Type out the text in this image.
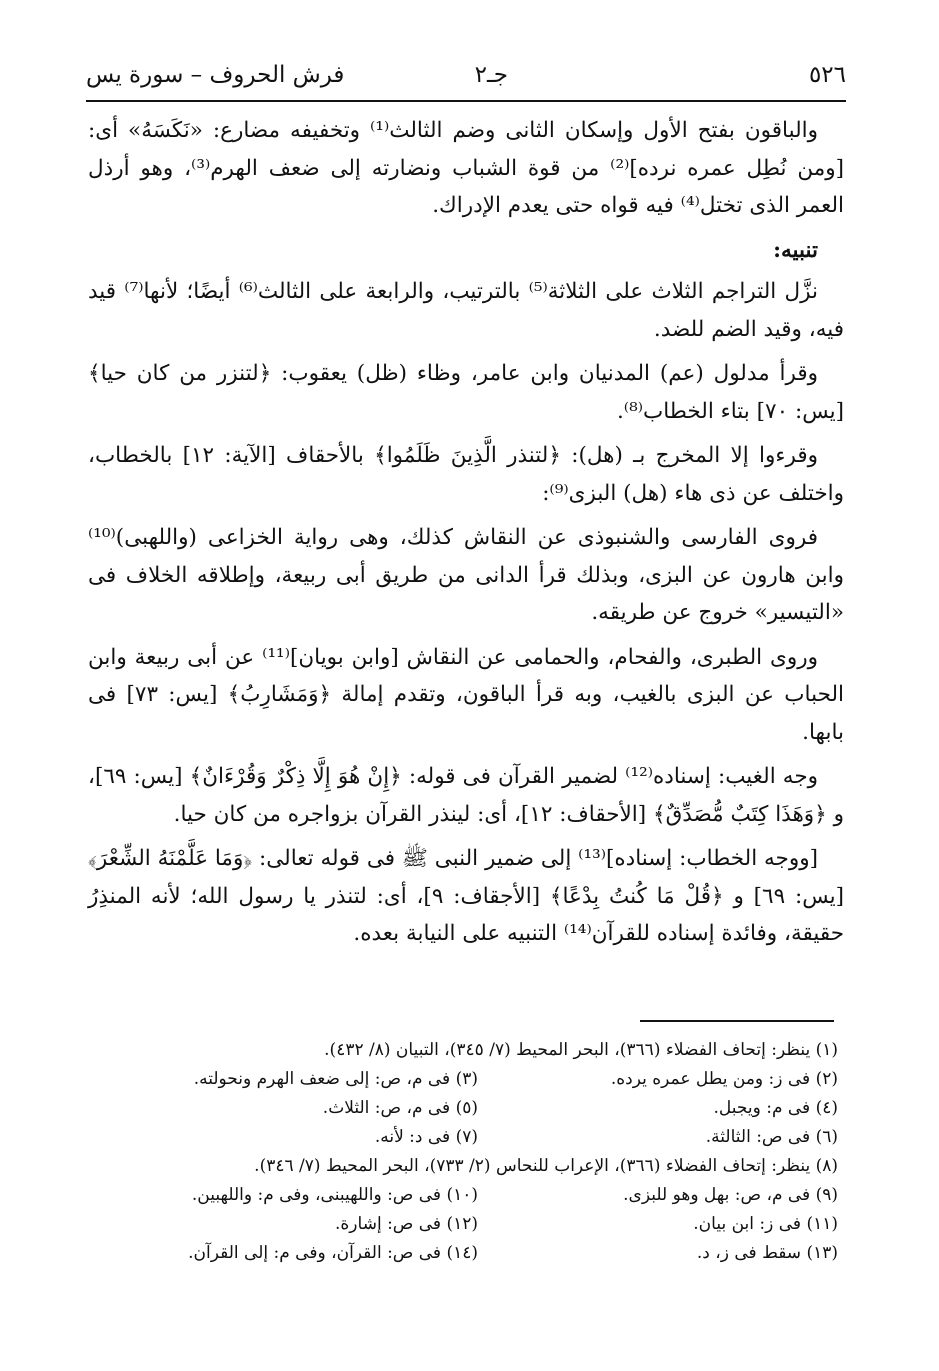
٥٢٦
جـ٢
فرش الحروف – سورة يس

والباقون بفتح الأول وإسكان الثانى وضم الثالث⁽¹⁾ وتخفيفه مضارع: «نَكَسَهُ» أى: [ومن نُطِل عمره نرده]⁽²⁾ من قوة الشباب ونضارته إلى ضعف الهرم⁽³⁾، وهو أرذل العمر الذى تختل⁽⁴⁾ فيه قواه حتى يعدم الإدراك.

تنبيه:

نزَّل التراجم الثلاث على الثلاثة⁽⁵⁾ بالترتيب، والرابعة على الثالث⁽⁶⁾ أيضًا؛ لأنها⁽⁷⁾ قيد فيه، وقيد الضم للضد.

وقرأ مدلول (عم) المدنيان وابن عامر، وظاء (ظل) يعقوب: ﴿لتنزر من كان حيا﴾ [يس: ٧٠] بتاء الخطاب⁽⁸⁾.

وقرءوا إلا المخرج بـ (هل): ﴿لتنذر الَّذِينَ ظَلَمُوا﴾ بالأحقاف [الآية: ١٢] بالخطاب، واختلف عن ذى هاء (هل) البزى⁽⁹⁾:

فروى الفارسى والشنبوذى عن النقاش كذلك، وهى رواية الخزاعى (واللهبى)⁽¹⁰⁾ وابن هارون عن البزى، وبذلك قرأ الدانى من طريق أبى ربيعة، وإطلاقه الخلاف فى «التيسير» خروج عن طريقه.

وروى الطبرى، والفحام، والحمامى عن النقاش [وابن بويان]⁽¹¹⁾ عن أبى ربيعة وابن الحباب عن البزى بالغيب، وبه قرأ الباقون، وتقدم إمالة ﴿وَمَشَارِبُ﴾ [يس: ٧٣] فى بابها.

وجه الغيب: إسناده⁽¹²⁾ لضمير القرآن فى قوله: ﴿إِنْ هُوَ إِلَّا ذِكْرٌ وَقُرْءَانٌ﴾ [يس: ٦٩]، و ﴿وَهَذَا كِتَبٌ مُّصَدِّقٌ﴾ [الأحقاف: ١٢]، أى: لينذر القرآن بزواجره من كان حيا.

[ووجه الخطاب: إسناده]⁽¹³⁾ إلى ضمير النبى ﷺ فى قوله تعالى: ﴿وَمَا عَلَّمْنَهُ الشِّعْرَ﴾ [يس: ٦٩] و ﴿قُلْ مَا كُنتُ بِدْعًا﴾ [الأجقاف: ٩]، أى: لتنذر يا رسول الله؛ لأنه المنذِرُ حقيقة، وفائدة إسناده للقرآن⁽¹⁴⁾ التنبيه على النيابة بعده.

(١) ينظر: إتحاف الفضلاء (٣٦٦)، البحر المحيط (٧/ ٣٤٥)، التبيان (٨/ ٤٣٢).
(٢) فى ز: ومن يطل عمره يرده.
(٣) فى م، ص: إلى ضعف الهرم ونحولته.
(٤) فى م: ويجبل.
(٥) فى م، ص: الثلاث.
(٦) فى ص: الثالثة.
(٧) فى د: لأنه.
(٨) ينظر: إتحاف الفضلاء (٣٦٦)، الإعراب للنحاس (٢/ ٧٣٣)، البحر المحيط (٧/ ٣٤٦).
(٩) فى م، ص: بهل وهو للبزى.
(١٠) فى ص: واللهيبنى، وفى م: واللهبين.
(١١) فى ز: ابن بيان.
(١٢) فى ص: إشارة.
(١٣) سقط فى ز، د.
(١٤) فى ص: القرآن، وفى م: إلى القرآن.
